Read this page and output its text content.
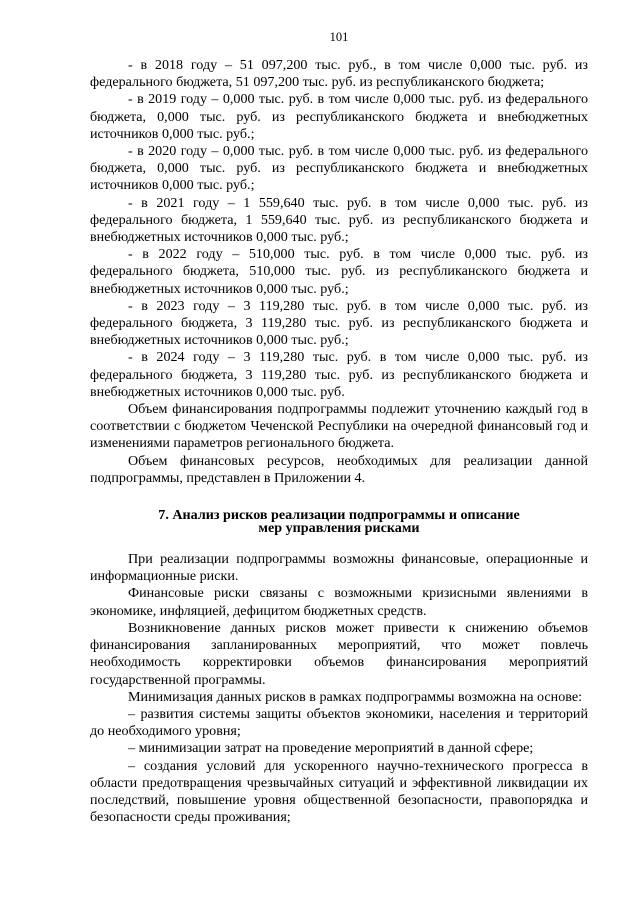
101

- в 2018 году – 51 097,200 тыс. руб., в том числе 0,000 тыс. руб. из федерального бюджета, 51 097,200 тыс. руб. из республиканского бюджета;

- в 2019 году – 0,000 тыс. руб. в том числе 0,000 тыс. руб. из федерального бюджета, 0,000 тыс. руб. из республиканского бюджета и внебюджетных источников 0,000 тыс. руб.;

- в 2020 году – 0,000 тыс. руб. в том числе 0,000 тыс. руб. из федерального бюджета, 0,000 тыс. руб. из республиканского бюджета и внебюджетных источников 0,000 тыс. руб.;

- в 2021 году – 1 559,640 тыс. руб. в том числе 0,000 тыс. руб. из федерального бюджета, 1 559,640 тыс. руб. из республиканского бюджета и внебюджетных источников 0,000 тыс. руб.;

- в 2022 году – 510,000 тыс. руб. в том числе 0,000 тыс. руб. из федерального бюджета, 510,000 тыс. руб. из республиканского бюджета и внебюджетных источников 0,000 тыс. руб.;

- в 2023 году – 3 119,280 тыс. руб. в том числе 0,000 тыс. руб. из федерального бюджета, 3 119,280 тыс. руб. из республиканского бюджета и внебюджетных источников 0,000 тыс. руб.;

- в 2024 году – 3 119,280 тыс. руб. в том числе 0,000 тыс. руб. из федерального бюджета, 3 119,280 тыс. руб. из республиканского бюджета и внебюджетных источников 0,000 тыс. руб.

Объем финансирования подпрограммы подлежит уточнению каждый год в соответствии с бюджетом Чеченской Республики на очередной финансовый год и изменениями параметров регионального бюджета.

Объем финансовых ресурсов, необходимых для реализации данной подпрограммы, представлен в Приложении 4.

7. Анализ рисков реализации подпрограммы и описание
мер управления рисками

При реализации подпрограммы возможны финансовые, операционные и информационные риски.

Финансовые риски связаны с возможными кризисными явлениями в экономике, инфляцией, дефицитом бюджетных средств.

Возникновение данных рисков может привести к снижению объемов финансирования запланированных мероприятий, что может повлечь необходимость корректировки объемов финансирования мероприятий государственной программы.

Минимизация данных рисков в рамках подпрограммы возможна на основе:

– развития системы защиты объектов экономики, населения и территорий до необходимого уровня;

– минимизации затрат на проведение мероприятий в данной сфере;

– создания условий для ускоренного научно-технического прогресса в области предотвращения чрезвычайных ситуаций и эффективной ликвидации их последствий, повышение уровня общественной безопасности, правопорядка и безопасности среды проживания;
